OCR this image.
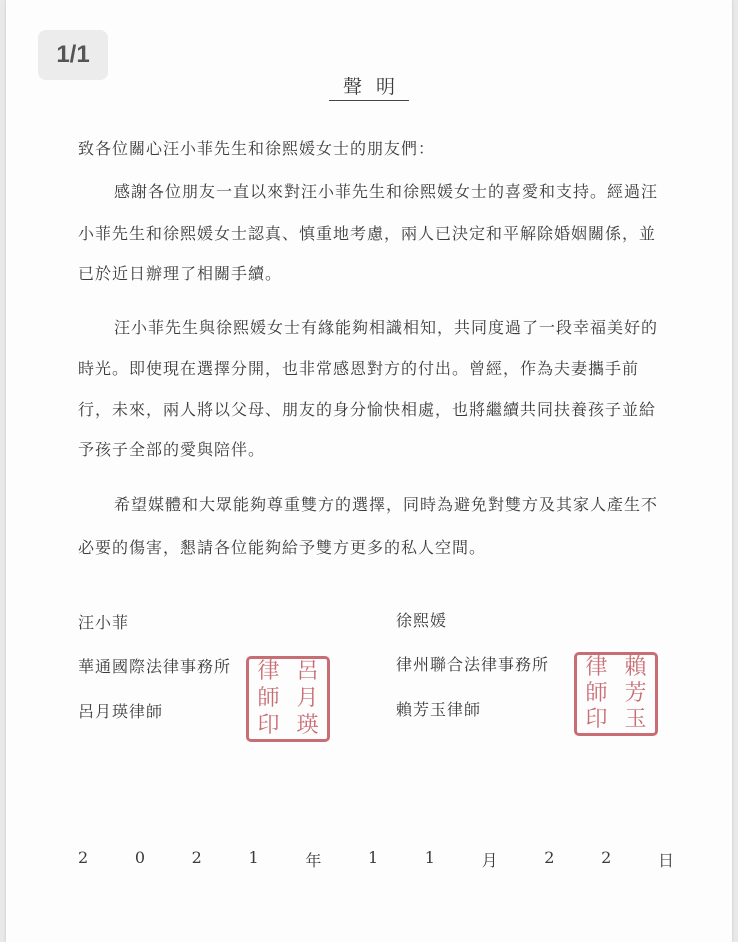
聲明
致各位關心汪小菲先生和徐熙媛女士的朋友們：
感謝各位朋友一直以來對汪小菲先生和徐熙媛女士的喜愛和支持。經過汪
小菲先生和徐熙媛女士認真、慎重地考慮，兩人已決定和平解除婚姻關係，並
已於近日辦理了相關手續。
汪小菲先生與徐熙媛女士有緣能夠相識相知，共同度過了一段幸福美好的
時光。即使現在選擇分開，也非常感恩對方的付出。曾經，作為夫妻攜手前
行，未來，兩人將以父母、朋友的身分愉快相處，也將繼續共同扶養孩子並給
予孩子全部的愛與陪伴。
希望媒體和大眾能夠尊重雙方的選擇，同時為避免對雙方及其家人產生不
必要的傷害，懇請各位能夠給予雙方更多的私人空間。
汪小菲
華通國際法律事務所
呂月瑛律師
律
師
印
呂
月
瑛
徐熙媛
律州聯合法律事務所
賴芳玉律師
律
師
印
賴
芳
玉
2	0	2	1	年	1	1	月	2	2	日
1/1
